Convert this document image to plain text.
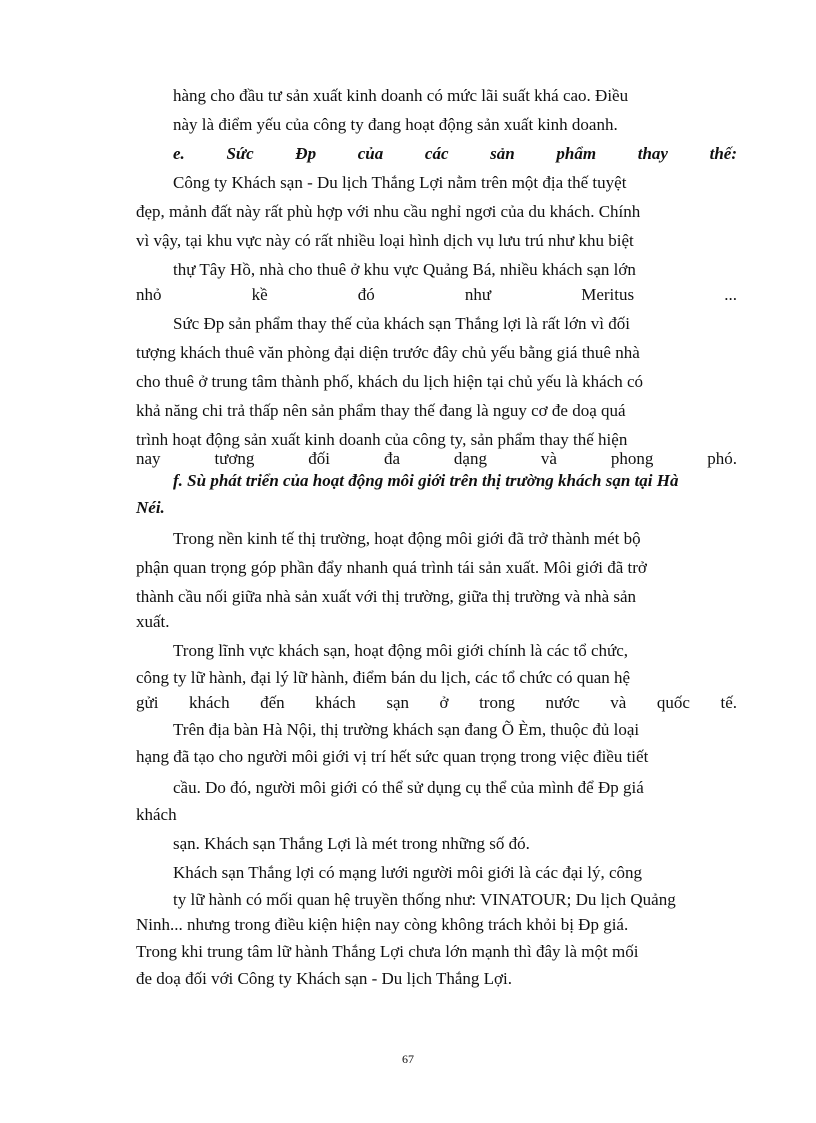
hàng cho đầu tư sản xuất kinh doanh có mức lãi suất khá cao. Điều

này là điểm yếu của công ty đang hoạt động sản xuất kinh doanh.

e. Sức Ðp của các sản phẩm thay thế:

Công ty Khách sạn - Du lịch Thắng Lợi nằm trên một địa thế tuyệt

đẹp, mảnh đất này rất phù hợp với nhu cầu nghỉ ngơi của du khách. Chính

vì vậy, tại khu vực này có rất nhiều loại hình dịch vụ lưu trú như khu biệt

thự Tây Hồ, nhà cho thuê ở khu vực Quảng Bá, nhiều khách sạn lớn

nhỏ kề đó như Meritus ...

Sức Ðp sản phẩm thay thế của khách sạn Thắng lợi là rất lớn vì đối

tượng khách thuê văn phòng đại diện trước đây chủ yếu bằng giá thuê nhà

cho thuê ở trung tâm thành phố, khách du lịch hiện tại chủ yếu là khách có

khả năng chi trả thấp nên sản phẩm thay thế đang là nguy cơ đe doạ quá

trình hoạt động sản xuất kinh doanh của công ty, sản phẩm thay thế hiện

nay tương đối đa dạng và phong phó.

f. Sù phát triển của hoạt động môi giới trên thị trường khách sạn tại Hà

Néi.

Trong nền kinh tế thị trường, hoạt động môi giới đã trở thành mét bộ

phận quan trọng góp phần đẩy nhanh quá trình tái sản xuất. Môi giới đã trở

thành cầu nối giữa nhà sản xuất với thị trường, giữa thị trường và nhà sản

xuất.

Trong lĩnh vực khách sạn, hoạt động môi giới chính là các tổ chức,

công ty lữ hành, đại lý lữ hành, điểm bán du lịch, các tổ chức có quan hệ

gửi khách đến khách sạn ở trong nước và quốc tế.

Trên địa bàn Hà Nội, thị trường khách sạn đang Õ Èm, thuộc đủ loại

hạng đã tạo cho người môi giới vị trí hết sức quan trọng trong việc điều tiết

cầu. Do đó, người môi giới có thể sử dụng cụ thể của mình để Ðp giá

khách

sạn. Khách sạn Thắng Lợi là mét trong những số đó.

Khách sạn Thắng lợi có mạng lưới người môi giới là các đại lý, công

ty lữ hành có mối quan hệ truyền thống như: VINATOUR; Du lịch Quảng

Ninh... nhưng trong điều kiện hiện nay còng không trách khỏi bị Ðp giá.

Trong khi trung tâm lữ hành Thắng Lợi chưa lớn mạnh thì đây là một mối

đe doạ đối với Công ty Khách sạn - Du lịch Thắng Lợi.

67
